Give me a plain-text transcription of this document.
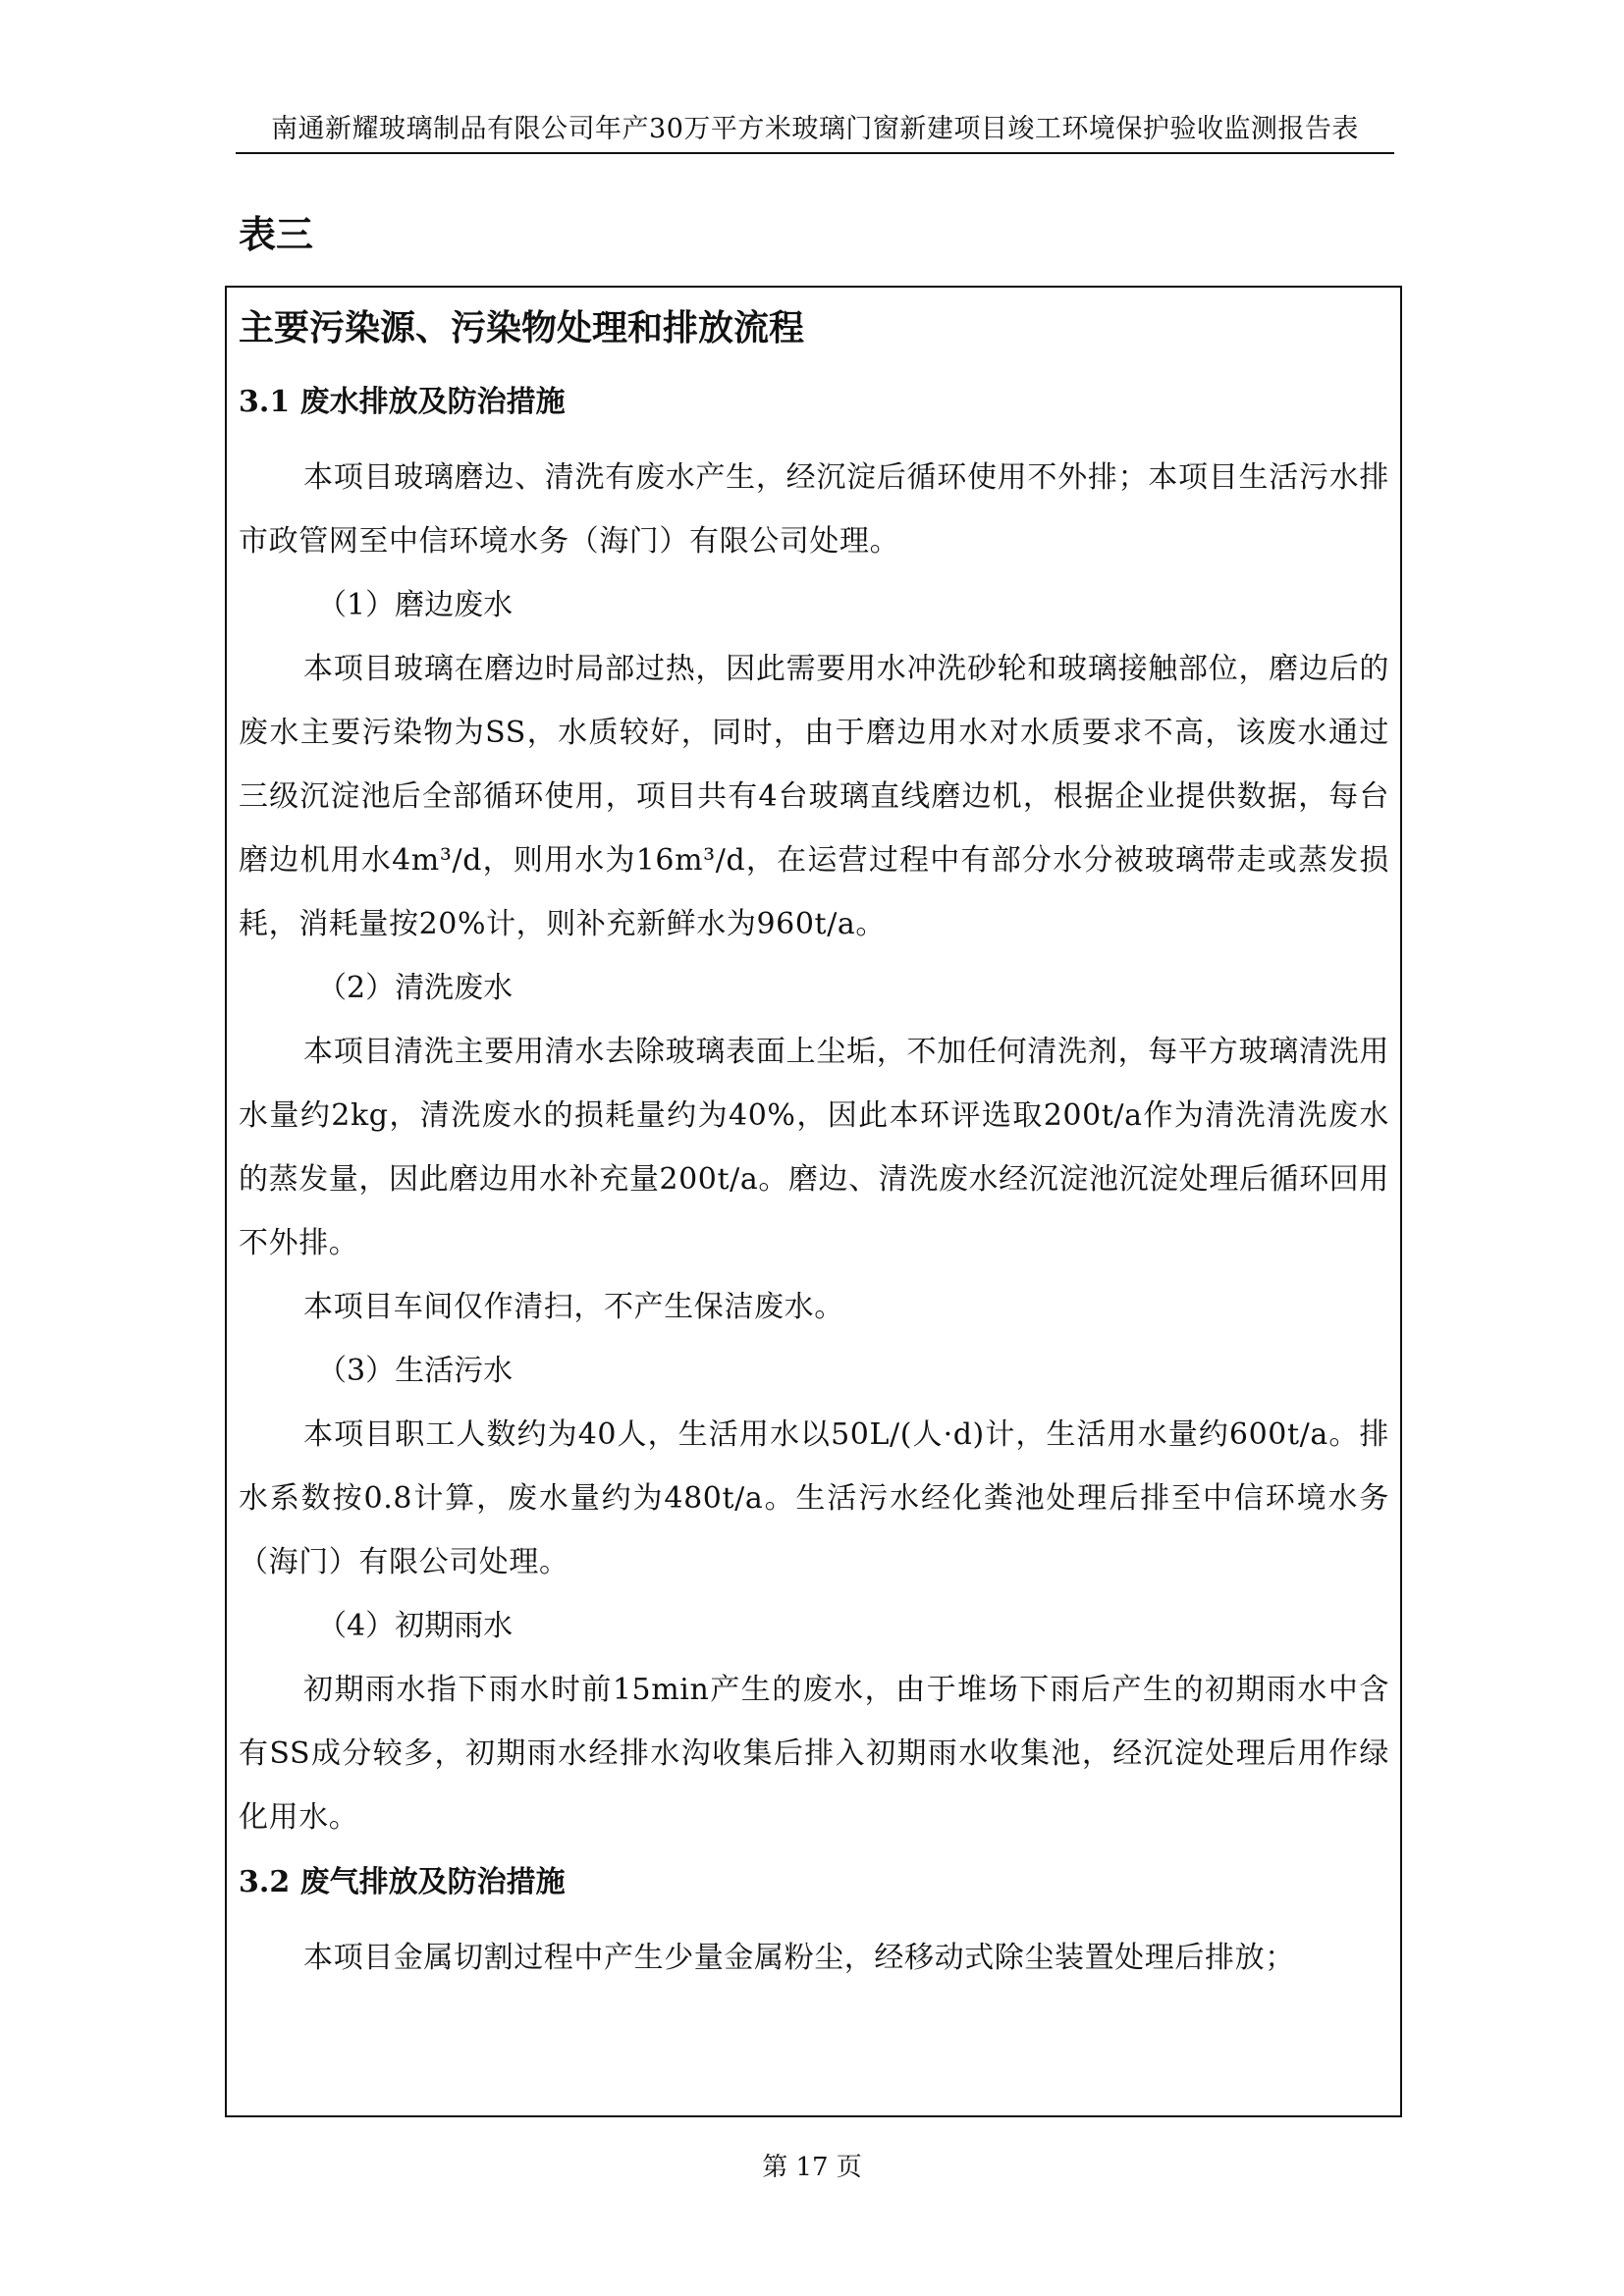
南通新耀玻璃制品有限公司年产30万平方米玻璃门窗新建项目竣工环境保护验收监测报告表
表三

主要污染源、污染物处理和排放流程

3.1 废水排放及防治措施

本项目玻璃磨边、清洗有废水产生，经沉淀后循环使用不外排；本项目生活污水排市政管网至中信环境水务（海门）有限公司处理。

（1）磨边废水

本项目玻璃在磨边时局部过热，因此需要用水冲洗砂轮和玻璃接触部位，磨边后的废水主要污染物为SS，水质较好，同时，由于磨边用水对水质要求不高，该废水通过三级沉淀池后全部循环使用，项目共有4台玻璃直线磨边机，根据企业提供数据，每台磨边机用水4m³/d，则用水为16m³/d，在运营过程中有部分水分被玻璃带走或蒸发损耗，消耗量按20%计，则补充新鲜水为960t/a。

（2）清洗废水

本项目清洗主要用清水去除玻璃表面上尘垢，不加任何清洗剂，每平方玻璃清洗用水量约2kg，清洗废水的损耗量约为40%，因此本环评选取200t/a作为清洗清洗废水的蒸发量，因此磨边用水补充量200t/a。磨边、清洗废水经沉淀池沉淀处理后循环回用不外排。

本项目车间仅作清扫，不产生保洁废水。

（3）生活污水

本项目职工人数约为40人，生活用水以50L/(人·d)计，生活用水量约600t/a。排水系数按0.8计算，废水量约为480t/a。生活污水经化粪池处理后排至中信环境水务（海门）有限公司处理。

（4）初期雨水

初期雨水指下雨水时前15min产生的废水，由于堆场下雨后产生的初期雨水中含有SS成分较多，初期雨水经排水沟收集后排入初期雨水收集池，经沉淀处理后用作绿化用水。

3.2 废气排放及防治措施

本项目金属切割过程中产生少量金属粉尘，经移动式除尘装置处理后排放；

第 17 页
